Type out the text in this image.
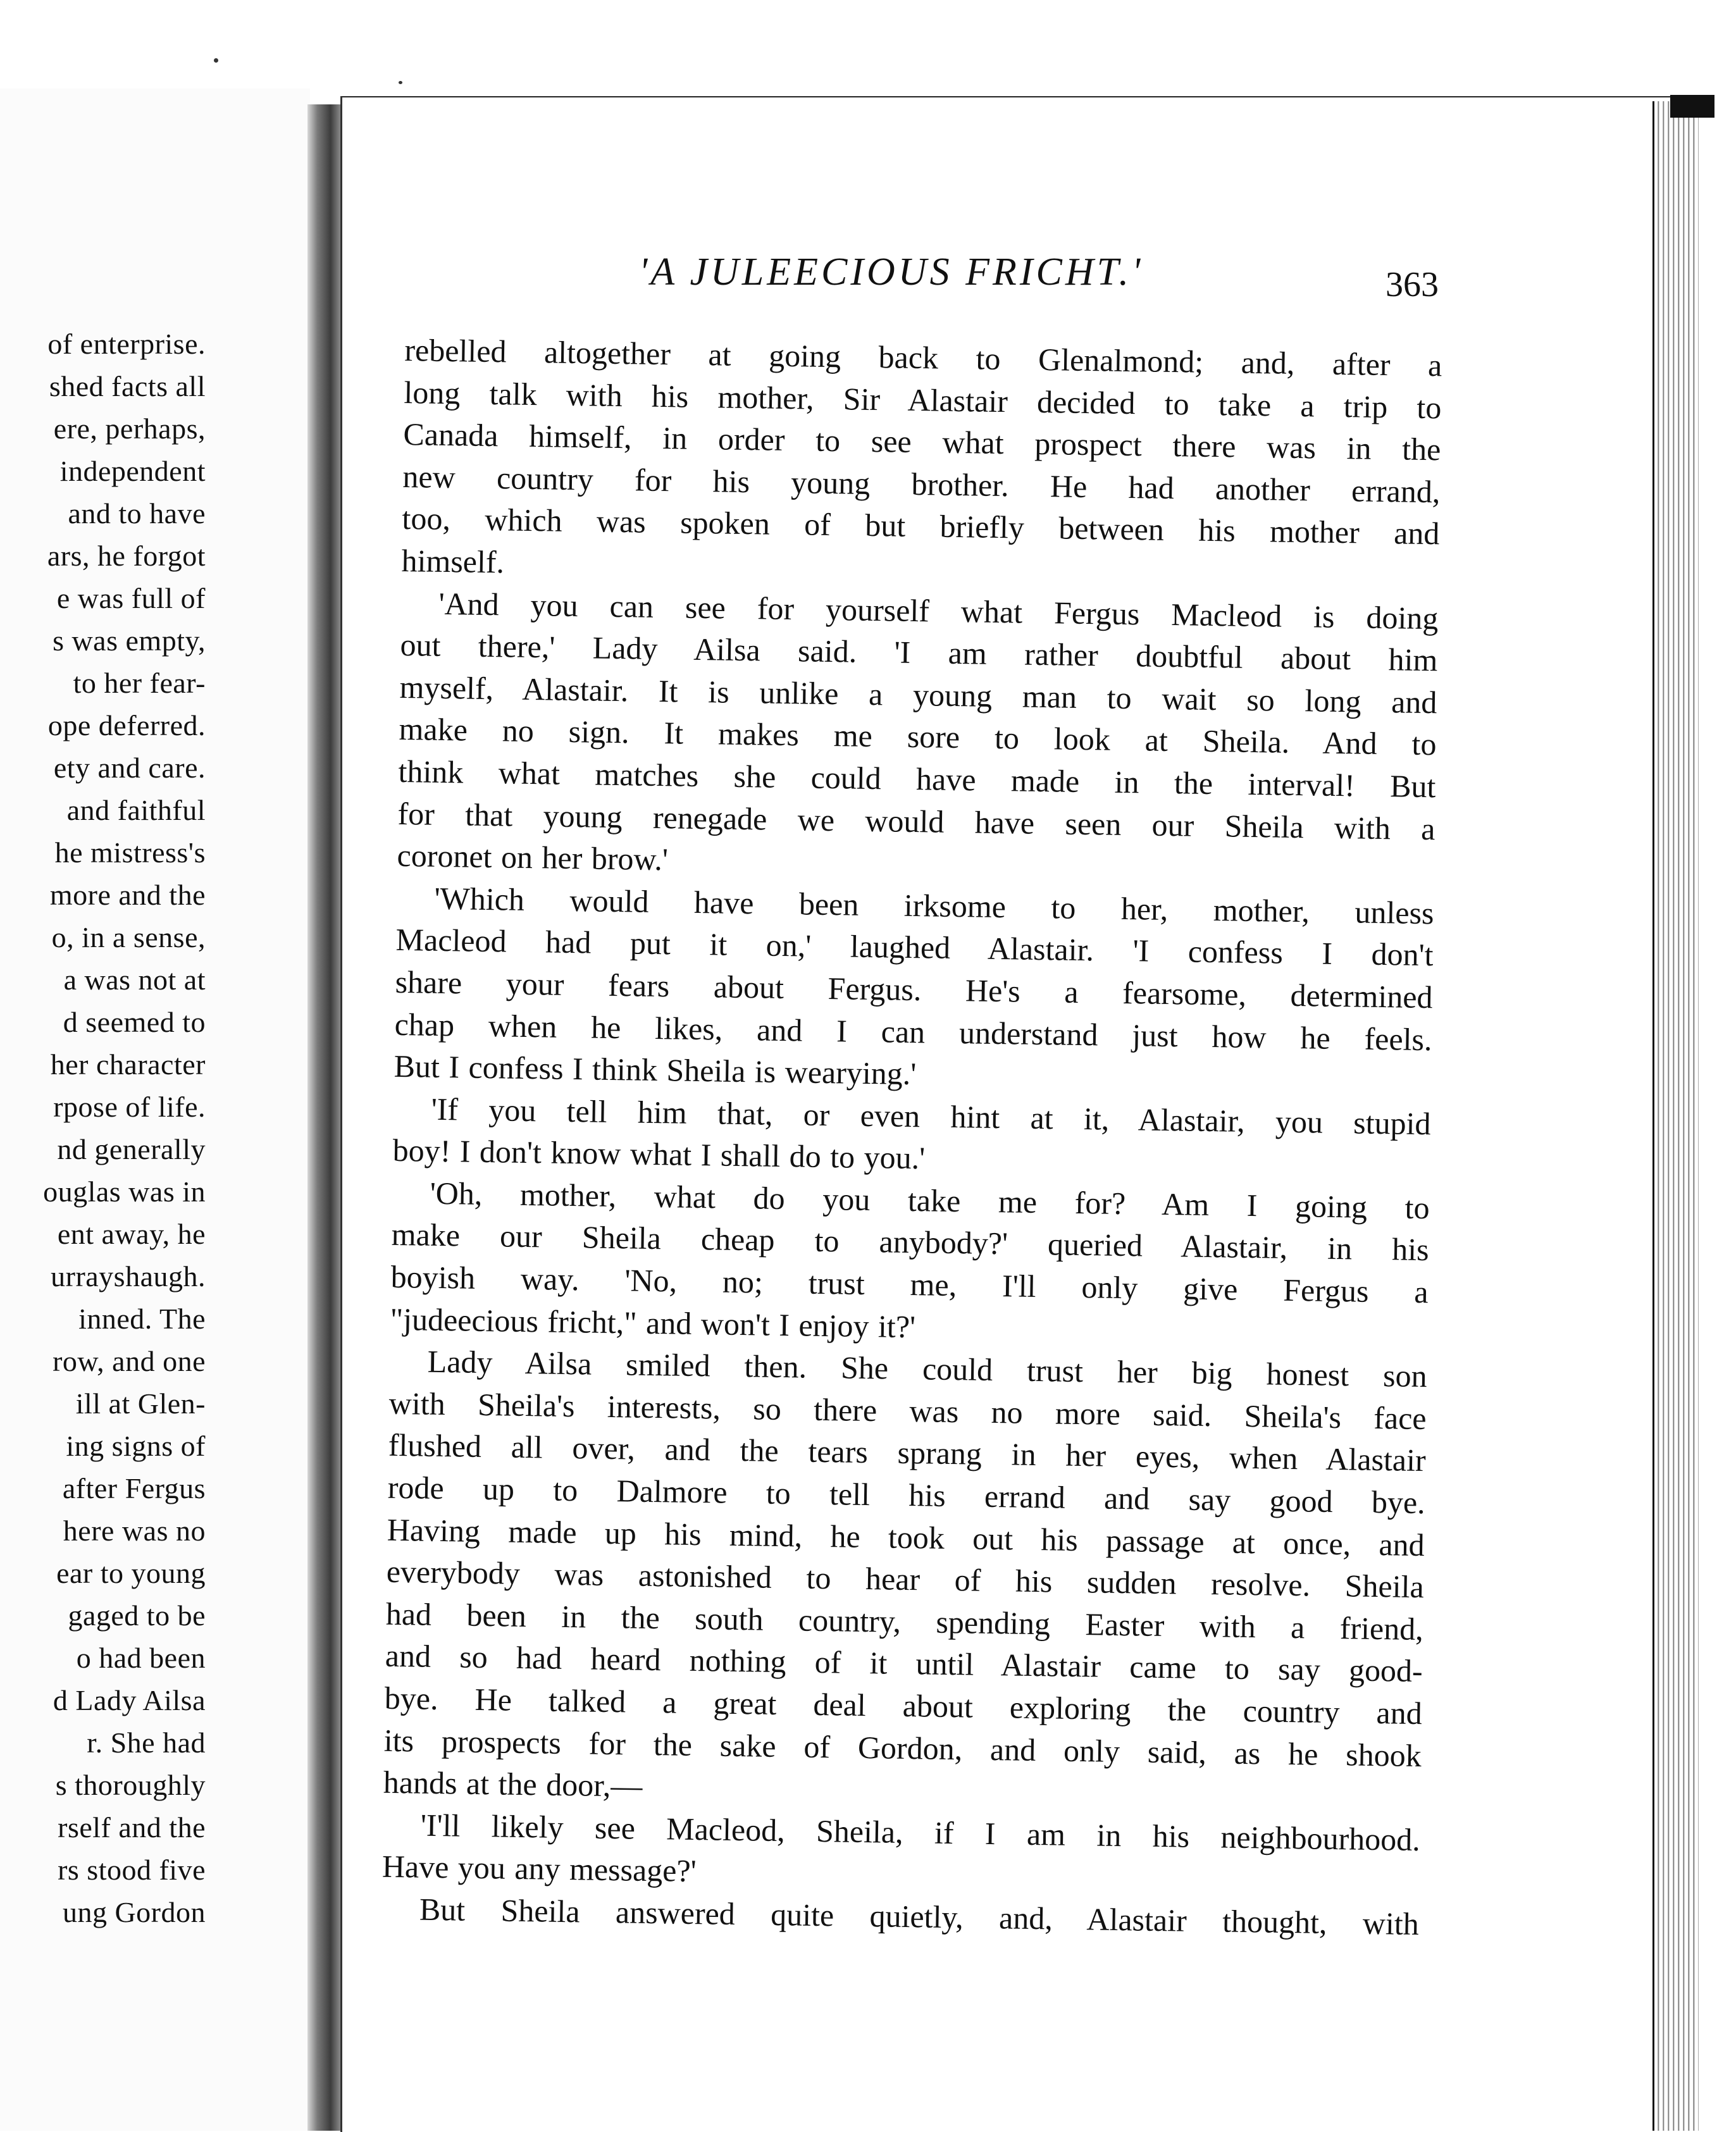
of enterprise.
shed facts all
ere, perhaps,
independent
and to have
ars, he forgot
e was full of
s was empty,
to her fear-
ope deferred.
ety and care.
and faithful
he mistress's
more and the
o, in a sense,
a was not at
d seemed to
her character
rpose of life.
nd generally
ouglas was in
ent away, he
urrayshaugh.
inned. The
row, and one
ill at Glen-
ing signs of
after Fergus
here was no
ear to young
gaged to be
o had been
d Lady Ailsa
r. She had
s thoroughly
rself and the
rs stood five
ung Gordon
'A JULEECIOUS FRICHT.'	363
rebelled altogether at going back to Glenalmond; and, after a
long talk with his mother, Sir Alastair decided to take a trip to
Canada himself, in order to see what prospect there was in the
new country for his young brother. He had another errand,
too, which was spoken of but briefly between his mother and
himself.
'And you can see for yourself what Fergus Macleod is doing
out there,' Lady Ailsa said. 'I am rather doubtful about him
myself, Alastair. It is unlike a young man to wait so long and
make no sign. It makes me sore to look at Sheila. And to
think what matches she could have made in the interval! But
for that young renegade we would have seen our Sheila with a
coronet on her brow.'
'Which would have been irksome to her, mother, unless
Macleod had put it on,' laughed Alastair. 'I confess I don't
share your fears about Fergus. He's a fearsome, determined
chap when he likes, and I can understand just how he feels.
But I confess I think Sheila is wearying.'
'If you tell him that, or even hint at it, Alastair, you stupid
boy! I don't know what I shall do to you.'
'Oh, mother, what do you take me for? Am I going to
make our Sheila cheap to anybody?' queried Alastair, in his
boyish way. 'No, no; trust me, I'll only give Fergus a
"judeecious fricht," and won't I enjoy it?'
Lady Ailsa smiled then. She could trust her big honest son
with Sheila's interests, so there was no more said. Sheila's face
flushed all over, and the tears sprang in her eyes, when Alastair
rode up to Dalmore to tell his errand and say good bye.
Having made up his mind, he took out his passage at once, and
everybody was astonished to hear of his sudden resolve. Sheila
had been in the south country, spending Easter with a friend,
and so had heard nothing of it until Alastair came to say good-
bye. He talked a great deal about exploring the country and
its prospects for the sake of Gordon, and only said, as he shook
hands at the door,—
'I'll likely see Macleod, Sheila, if I am in his neighbourhood.
Have you any message?'
But Sheila answered quite quietly, and, Alastair thought, with
